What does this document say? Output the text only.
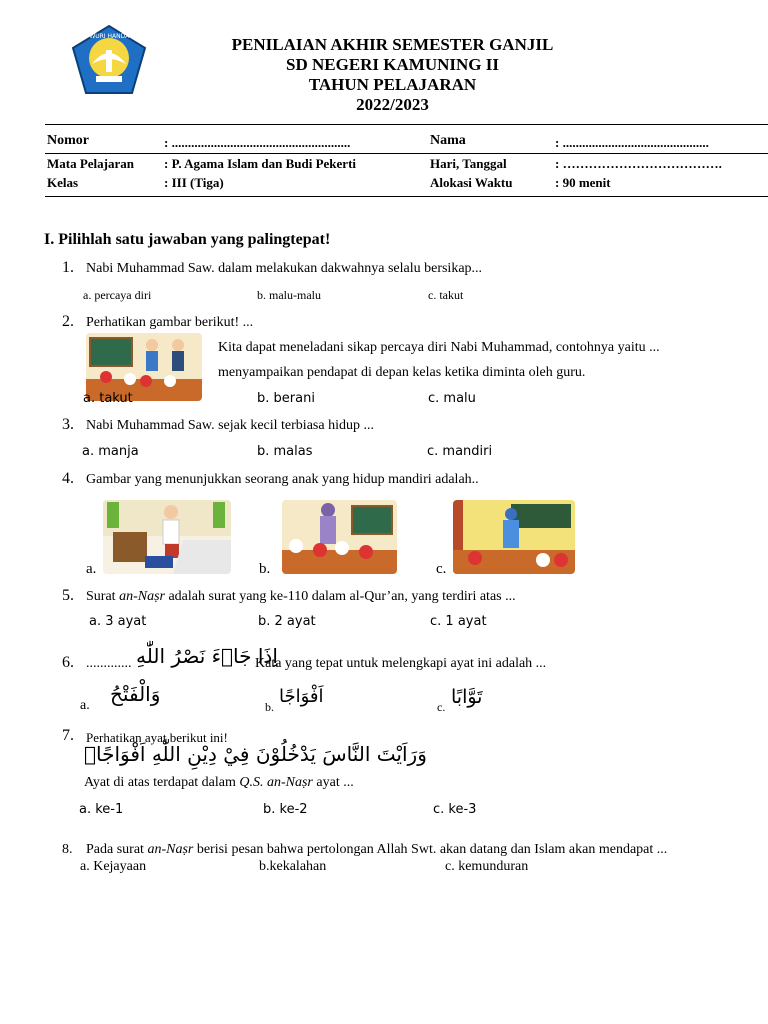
TUT WURI HANDAYANI	PENILAIAN AKHIR SEMESTER GANJIL
SD NEGERI KAMUNING II
TAHUN PELAJARAN
2022/2023
Nomor	: .......................................................	Nama	: .............................................
Mata Pelajaran : P. Agama Islam dan Budi Pekerti	Hari, Tanggal	: ……………………………….
Kelas	: III (Tiga)	Alokasi Waktu	: 90 menit
I. Pilihlah satu jawaban yang palingtepat!
1. Nabi Muhammad Saw. dalam melakukan dakwahnya selalu bersikap...
a. percaya diri	b. malu-malu	c. takut
2. Perhatikan gambar berikut! ...
Kita dapat meneladani sikap percaya diri Nabi Muhammad, contohnya yaitu ...
menyampaikan pendapat di depan kelas ketika diminta oleh guru.
a. takut	b. berani	c. malu
3. Nabi Muhammad Saw. sejak kecil terbiasa hidup ...
a. manja	b. malas	c. mandiri
4. Gambar yang menunjukkan seorang anak yang hidup mandiri adalah..
a.	b.	c.
5. Surat an-Naṣr adalah surat yang ke-110 dalam al-Qur’an, yang terdiri atas ...
a. 3 ayat	b. 2 ayat	c. 1 ayat
6. ............. اِذَا جَاۤءَ نَصْرُ اللّٰهِ
Kata yang tepat untuk melengkapi ayat ini adalah ...
a. وَالْفَتْحُ
b. اَفْوَاجًا	c. تَوَّابًا
7. Perhatikan ayat berikut ini!
وَرَاَيْتَ النَّاسَ يَدْخُلُوْنَ فِيْ دِيْنِ اللّٰهِ اَفْوَاجًاۙ
Ayat di atas terdapat dalam Q.S. an-Naṣr ayat ...
a. ke-1	b. ke-2	c. ke-3
8. Pada surat an-Naṣr berisi pesan bahwa pertolongan Allah Swt. akan datang dan Islam akan mendapat ...
a. Kejayaan	b.kekalahan	c. kemunduran
